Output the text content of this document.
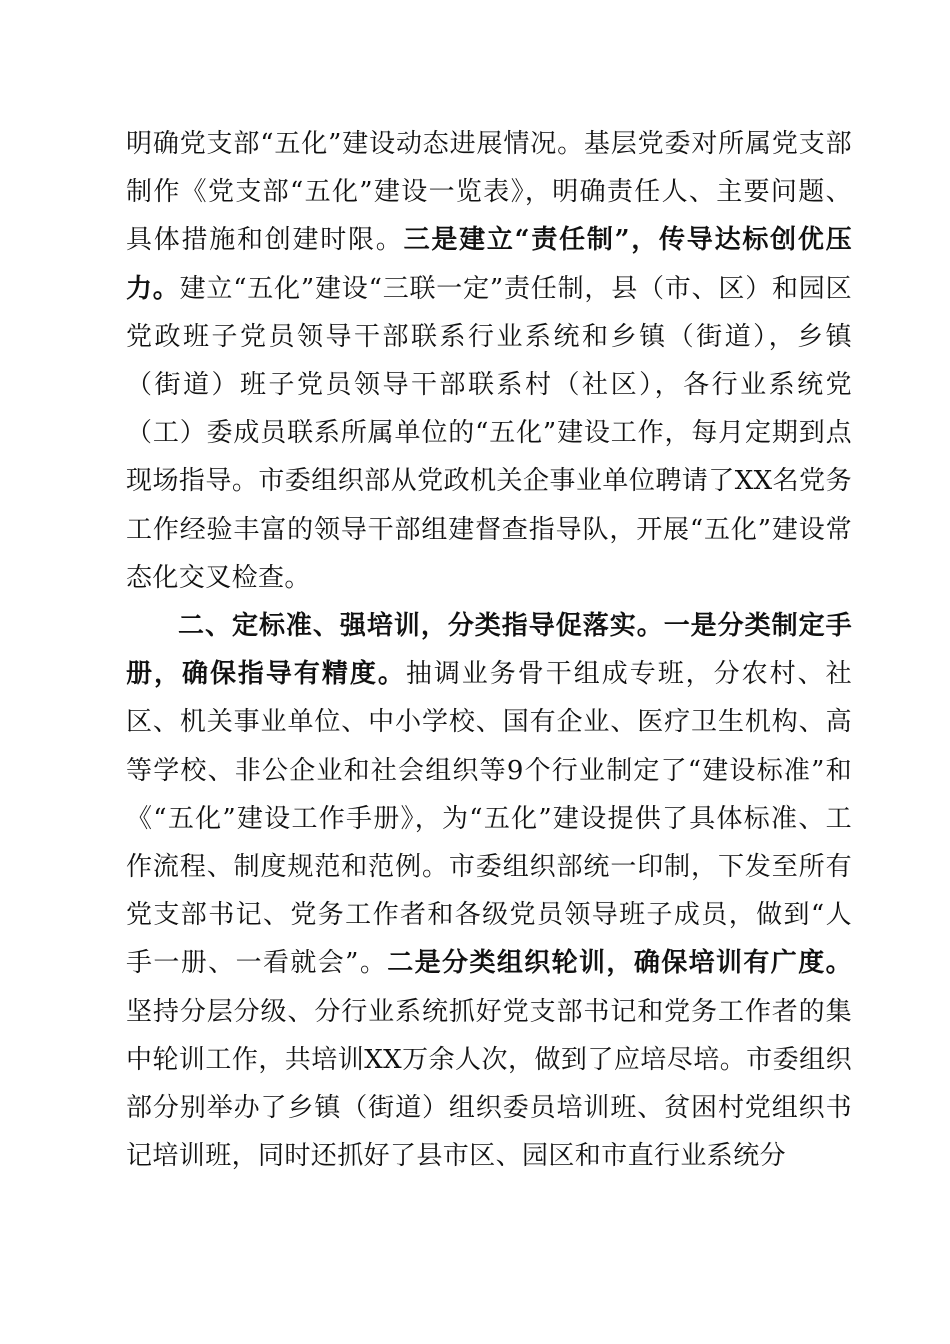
明确党支部“五化”建设动态进展情况。基层党委对所属党支部制作《党支部“五化”建设一览表》，明确责任人、主要问题、具体措施和创建时限。三是建立“责任制”，传导达标创优压力。建立“五化”建设“三联一定”责任制，县（市、区）和园区党政班子党员领导干部联系行业系统和乡镇（街道），乡镇（街道）班子党员领导干部联系村（社区），各行业系统党（工）委成员联系所属单位的“五化”建设工作，每月定期到点现场指导。市委组织部从党政机关企事业单位聘请了XX名党务工作经验丰富的领导干部组建督查指导队，开展“五化”建设常态化交叉检查。

二、定标准、强培训，分类指导促落实。一是分类制定手册，确保指导有精度。抽调业务骨干组成专班，分农村、社区、机关事业单位、中小学校、国有企业、医疗卫生机构、高等学校、非公企业和社会组织等9个行业制定了“建设标准”和《“五化”建设工作手册》，为“五化”建设提供了具体标准、工作流程、制度规范和范例。市委组织部统一印制，下发至所有党支部书记、党务工作者和各级党员领导班子成员，做到“人手一册、一看就会”。二是分类组织轮训，确保培训有广度。坚持分层分级、分行业系统抓好党支部书记和党务工作者的集中轮训工作，共培训XX万余人次，做到了应培尽培。市委组织部分别举办了乡镇（街道）组织委员培训班、贫困村党组织书记培训班，同时还抓好了县市区、园区和市直行业系统分
